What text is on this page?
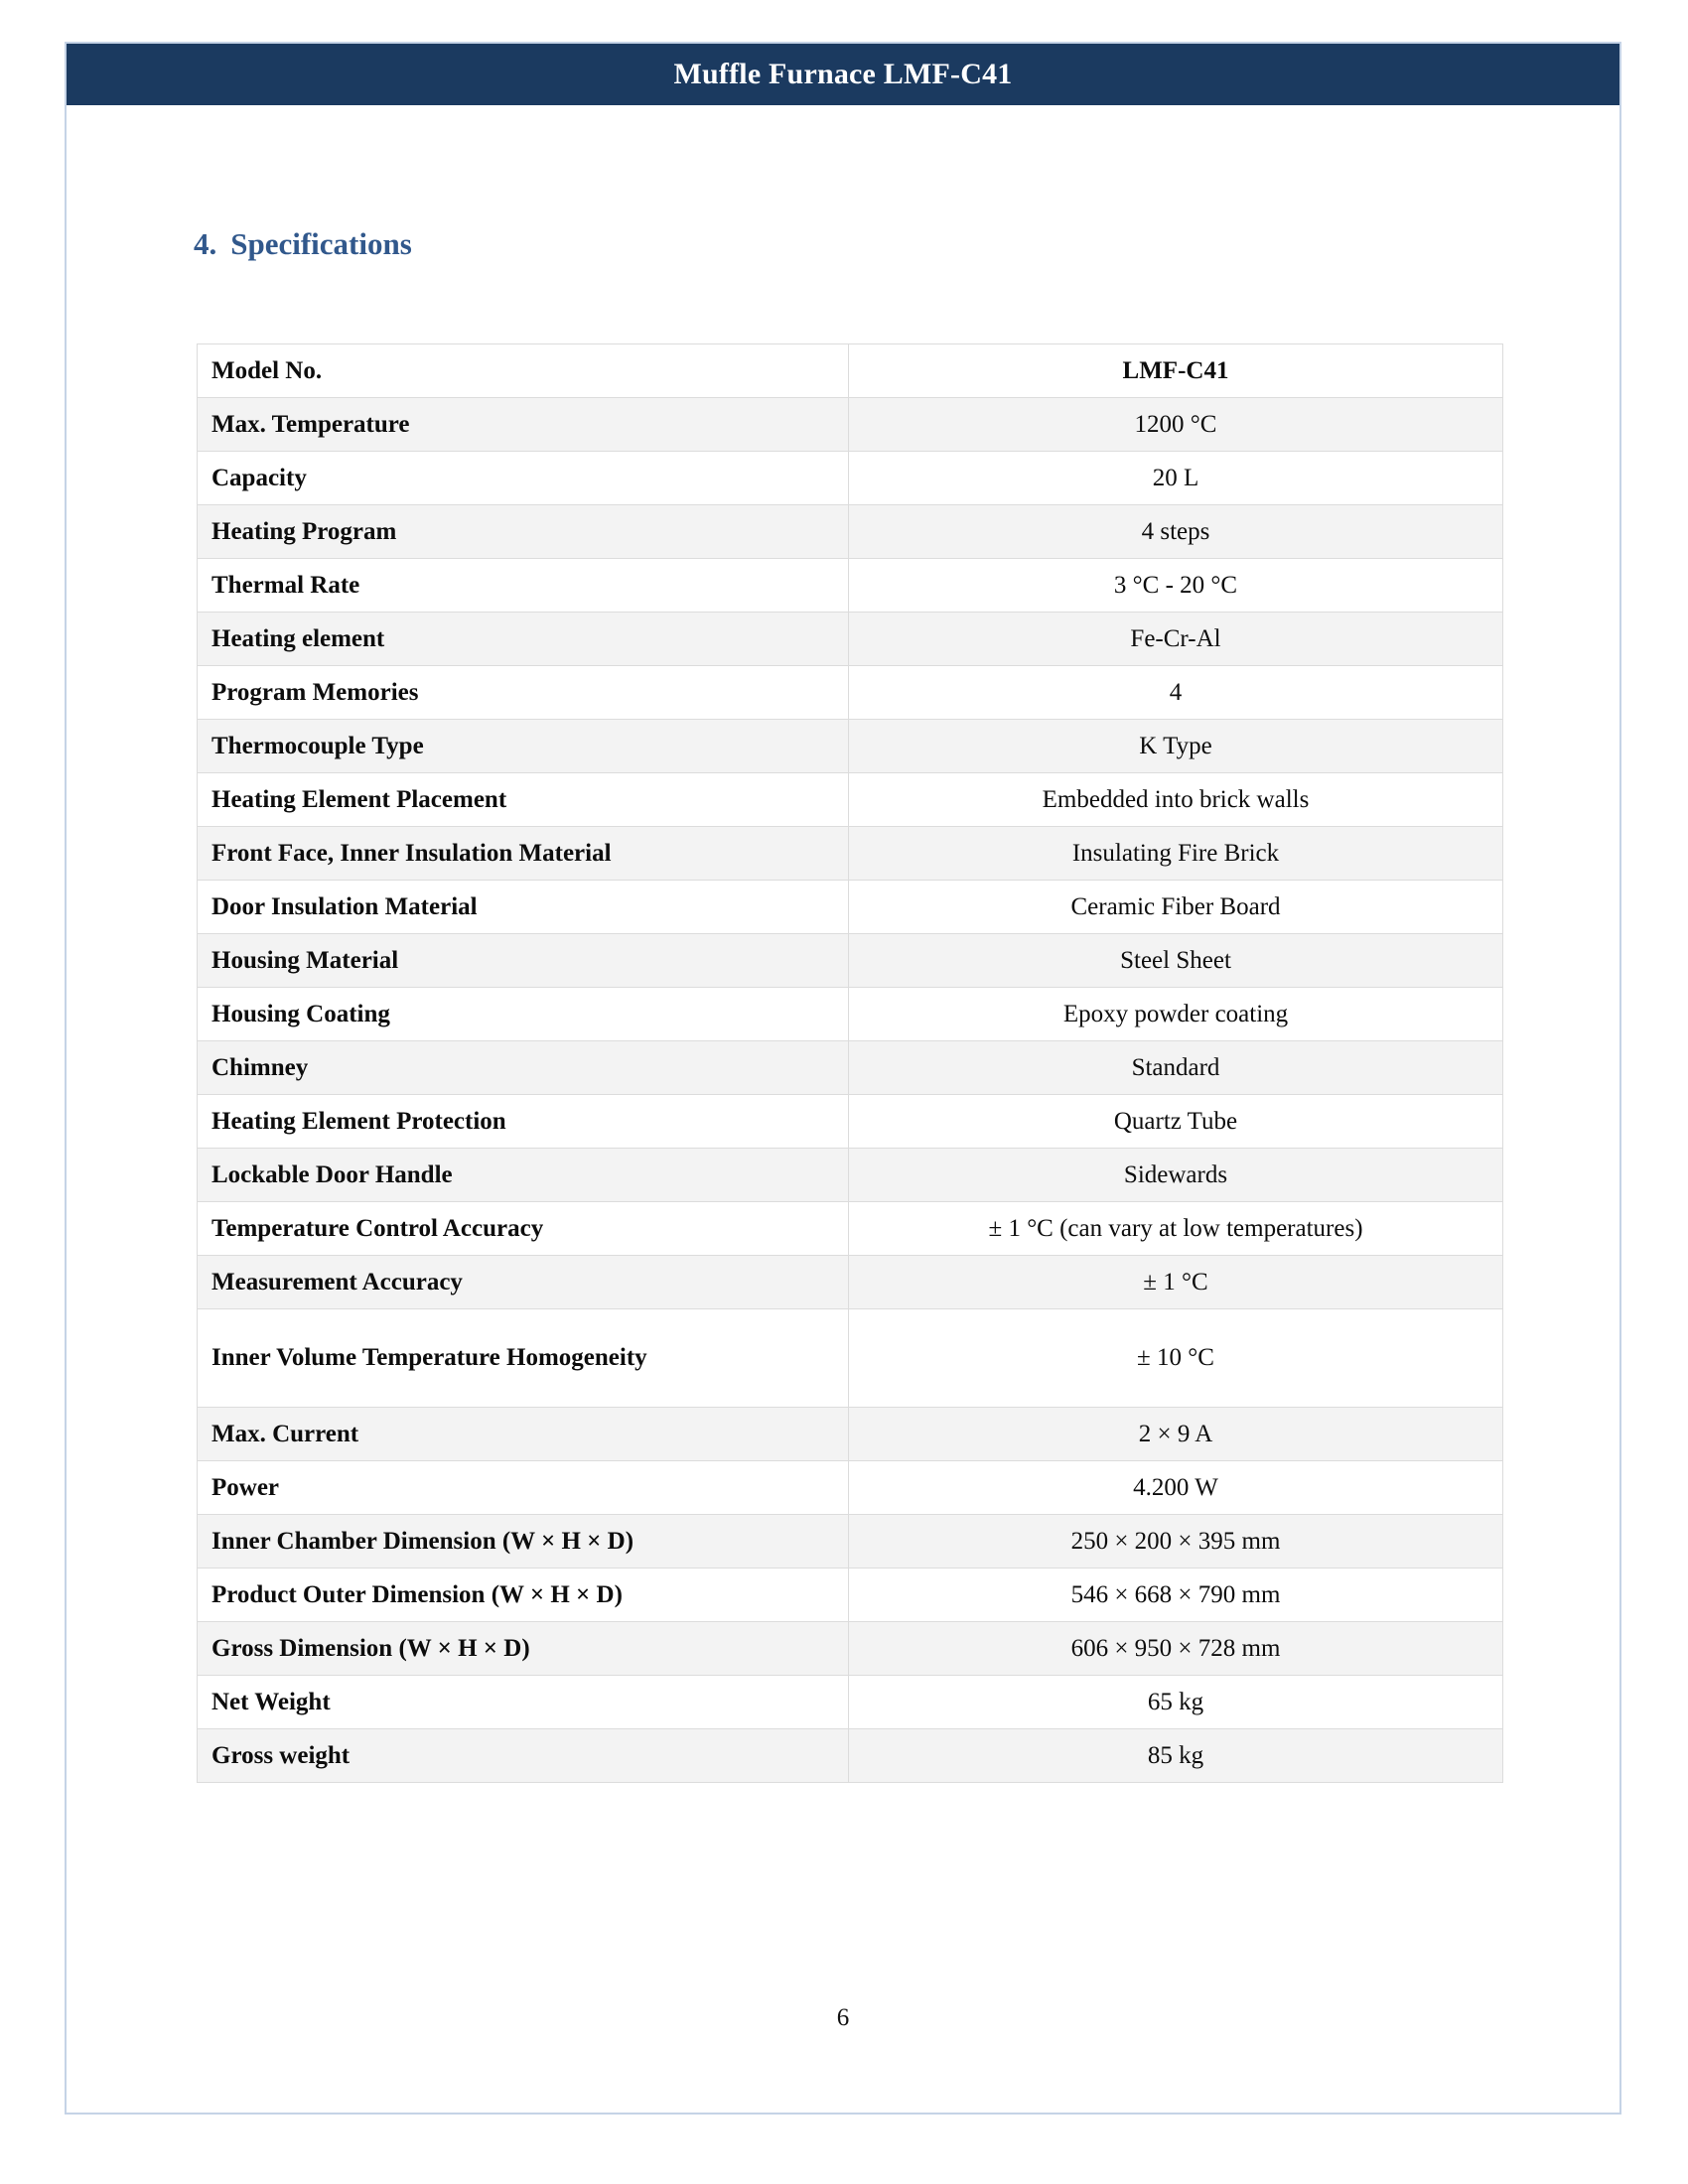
Muffle Furnace LMF-C41
4. Specifications
Model No.	LMF-C41
Max. Temperature	1200 °C
Capacity	20 L
Heating Program	4 steps
Thermal Rate	3 °C - 20 °C
Heating element	Fe-Cr-Al
Program Memories	4
Thermocouple Type	K Type
Heating Element Placement	Embedded into brick walls
Front Face, Inner Insulation Material	Insulating Fire Brick
Door Insulation Material	Ceramic Fiber Board
Housing Material	Steel Sheet
Housing Coating	Epoxy powder coating
Chimney	Standard
Heating Element Protection	Quartz Tube
Lockable Door Handle	Sidewards
Temperature Control Accuracy	± 1 °C (can vary at low temperatures)
Measurement Accuracy	± 1 °C
Inner Volume Temperature Homogeneity	± 10 °C
Max. Current	2 × 9 A
Power	4.200 W
Inner Chamber Dimension (W × H × D)	250 × 200 × 395 mm
Product Outer Dimension (W × H × D)	546 × 668 × 790 mm
Gross Dimension (W × H × D)	606 × 950 × 728 mm
Net Weight	65 kg
Gross weight	85 kg
6
